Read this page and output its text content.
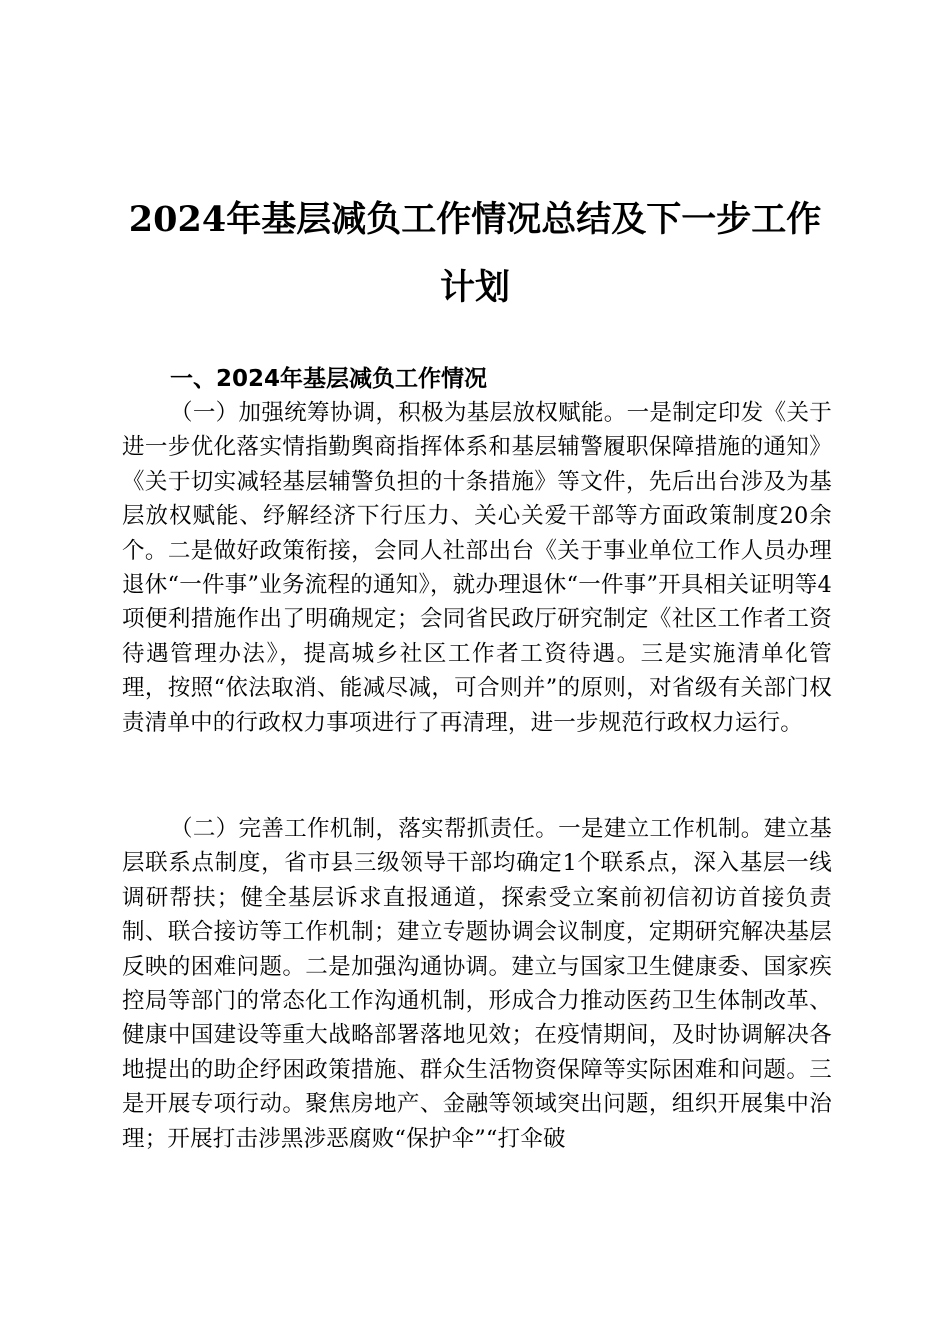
2024年基层减负工作情况总结及下一步工作
计划
一、2024年基层减负工作情况

（一）加强统筹协调，积极为基层放权赋能。一是制定印发《关于进一步优化落实情指勤舆商指挥体系和基层辅警履职保障措施的通知》《关于切实减轻基层辅警负担的十条措施》等文件，先后出台涉及为基层放权赋能、纾解经济下行压力、关心关爱干部等方面政策制度20余个。二是做好政策衔接，会同人社部出台《关于事业单位工作人员办理退休“一件事”业务流程的通知》，就办理退休“一件事”开具相关证明等4项便利措施作出了明确规定；会同省民政厅研究制定《社区工作者工资待遇管理办法》，提高城乡社区工作者工资待遇。三是实施清单化管理，按照“依法取消、能减尽减，可合则并”的原则，对省级有关部门权责清单中的行政权力事项进行了再清理，进一步规范行政权力运行。

（二）完善工作机制，落实帮抓责任。一是建立工作机制。建立基层联系点制度，省市县三级领导干部均确定1个联系点，深入基层一线调研帮扶；健全基层诉求直报通道，探索受立案前初信初访首接负责制、联合接访等工作机制；建立专题协调会议制度，定期研究解决基层反映的困难问题。二是加强沟通协调。建立与国家卫生健康委、国家疾控局等部门的常态化工作沟通机制，形成合力推动医药卫生体制改革、健康中国建设等重大战略部署落地见效；在疫情期间，及时协调解决各地提出的助企纾困政策措施、群众生活物资保障等实际困难和问题。三是开展专项行动。聚焦房地产、金融等领域突出问题，组织开展集中治理；开展打击涉黑涉恶腐败“保护伞”“打伞破
